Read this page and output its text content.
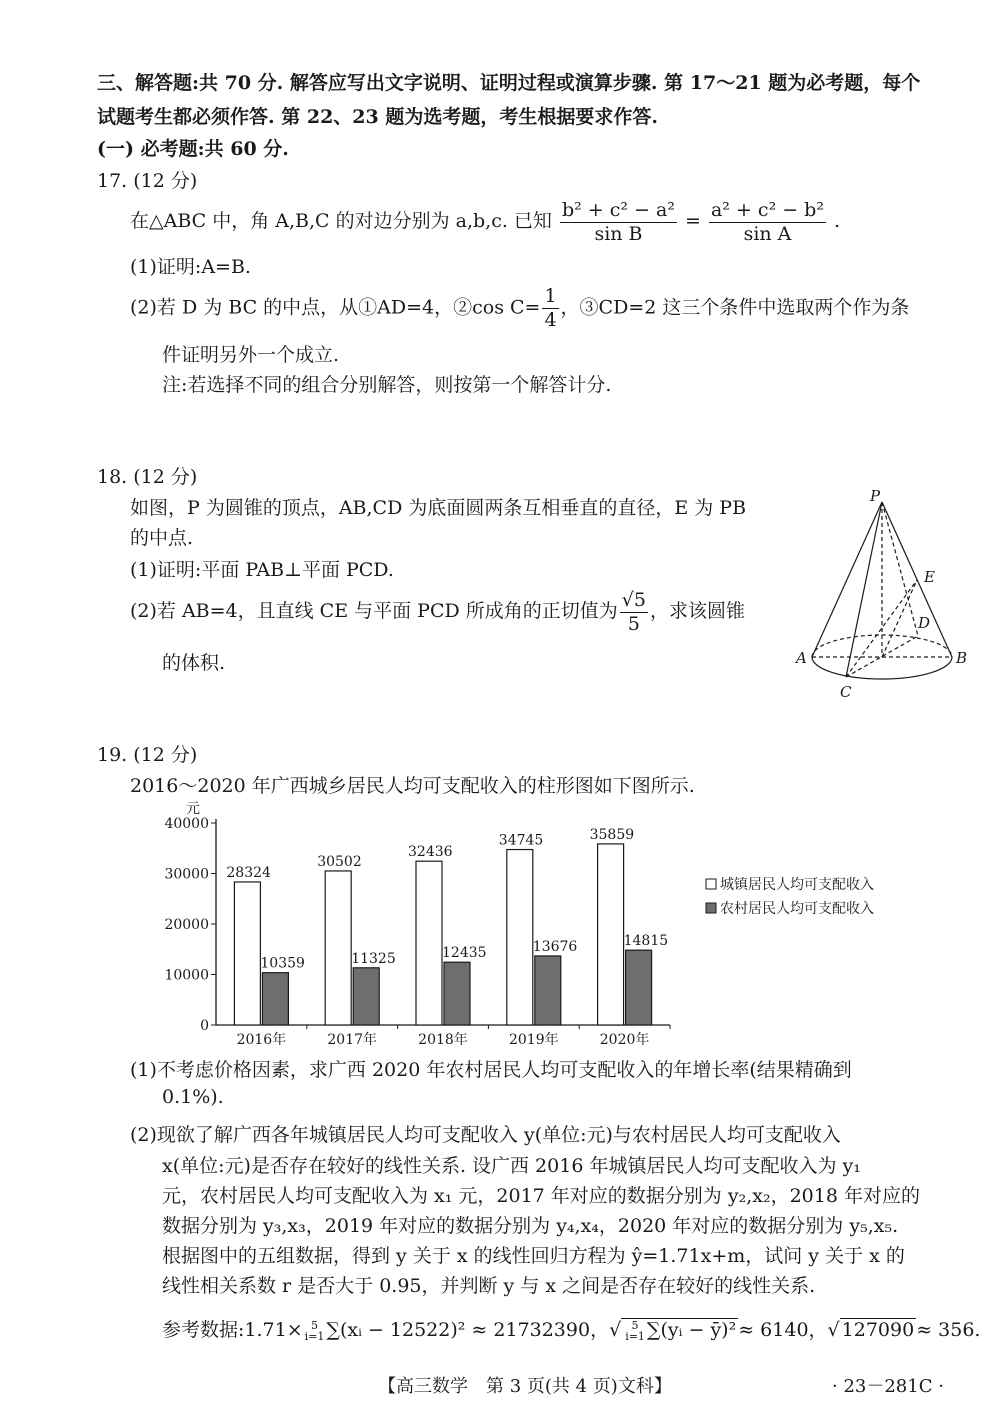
三、解答题:共 70 分. 解答应写出文字说明、证明过程或演算步骤. 第 17～21 题为必考题，每个
试题考生都必须作答. 第 22、23 题为选考题，考生根据要求作答.
(一) 必考题:共 60 分.
17. (12 分)
在△ABC 中，角 A,B,C 的对边分别为 a,b,c. 已知 $\frac{\text{b² + c² − a²}}{\text{sin B}} = \frac{\text{a² + c² − b²}}{\text{sin A}}$ .
(1)证明:A=B.
(2)若 D 为 BC 的中点，从①AD=4，②cos $C= \frac{1}{4}$ ，③CD=2 这三个条件中选取两个作为条
件证明另外一个成立.
注:若选择不同的组合分别解答，则按第一个解答计分.
18. (12 分)
如图，P 为圆锥的顶点，AB,CD 为底面圆两条互相垂直的直径，E 为 PB
的中点.
(1)证明:平面 PAB⊥平面 PCD.
(2)若 AB=4，且直线 CE 与平面 PCD 所成角的正切值为 $\frac{√5}{5}$ ，求该圆锥
的体积.
P
A	B
C
D
E
19. (12 分)
2016～2020 年广西城乡居民人均可支配收入的柱形图如下图所示.
元
0
10000
20000
30000
40000
28324
10359
2016年
30502
11325
2017年
32436
12435
2018年
34745
13676
2019年
35859
14815
2020年
城镇居民人均可支配收入
农村居民人均可支配收入
(1)不考虑价格因素，求广西 2020 年农村居民人均可支配收入的年增长率(结果精确到
0.1%).
(2)现欲了解广西各年城镇居民人均可支配收入 y(单位:元)与农村居民人均可支配收入
x(单位:元)是否存在较好的线性关系. 设广西 2016 年城镇居民人均可支配收入为 y₁
元，农村居民人均可支配收入为 x₁ 元，2017 年对应的数据分别为 y₂,x₂，2018 年对应的
数据分别为 y₃,x₃，2019 年对应的数据分别为 y₄,x₄，2020 年对应的数据分别为 y₅,x₅.
根据图中的五组数据，得到 y 关于 x 的线性回归方程为 ŷ=1.71x+m，试问 y 关于 x 的
线性相关系数 r 是否大于 0.95，并判断 y 与 x 之间是否存在较好的线性关系.
参考数据:1.71× 5
i=1 ∑(xᵢ − 12522)² ≈ 21732390，√ 5
i=1 ∑(yᵢ − ȳ)² ≈ 6140，√ 127090 ≈ 356.
【高三数学　第 3 页(共 4 页)文科】	· 23－281C ·
